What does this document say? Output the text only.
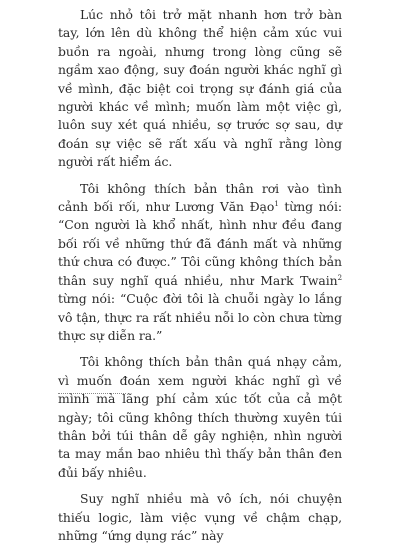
Lúc nhỏ tôi trở mặt nhanh hơn trở bàn tay, lớn lên dù không thể hiện cảm xúc vui buồn ra ngoài, nhưng trong lòng cũng sẽ ngầm xao động, suy đoán người khác nghĩ gì về mình, đặc biệt coi trọng sự đánh giá của người khác về mình; muốn làm một việc gì, luôn suy xét quá nhiều, sợ trước sợ sau, dự đoán sự việc sẽ rất xấu và nghĩ rằng lòng người rất hiểm ác.

Tôi không thích bản thân rơi vào tình cảnh bối rối, như Lương Văn Đạo$^1$ từng nói: “Con người là khổ nhất, hình như đều đang bối rối về những thứ đã đánh mất và những thứ chưa có được.” Tôi cũng không thích bản thân suy nghĩ quá nhiều, như Mark Twain$^2$ từng nói: “Cuộc đời tôi là chuỗi ngày lo lắng vô tận, thực ra rất nhiều nỗi lo còn chưa từng thực sự diễn ra.”

Tôi không thích bản thân quá nhạy cảm, vì muốn đoán xem người khác nghĩ gì về mình mà lãng phí cảm xúc tốt của cả một ngày; tôi cũng không thích thường xuyên túi thân bởi túi thân dễ gây nghiện, nhìn người ta may mắn bao nhiêu thì thấy bản thân đen đủi bấy nhiêu.

Suy nghĩ nhiều mà vô ích, nói chuyện thiếu logic, làm việc vụng về chậm chạp, những “ứng dụng rác” này
